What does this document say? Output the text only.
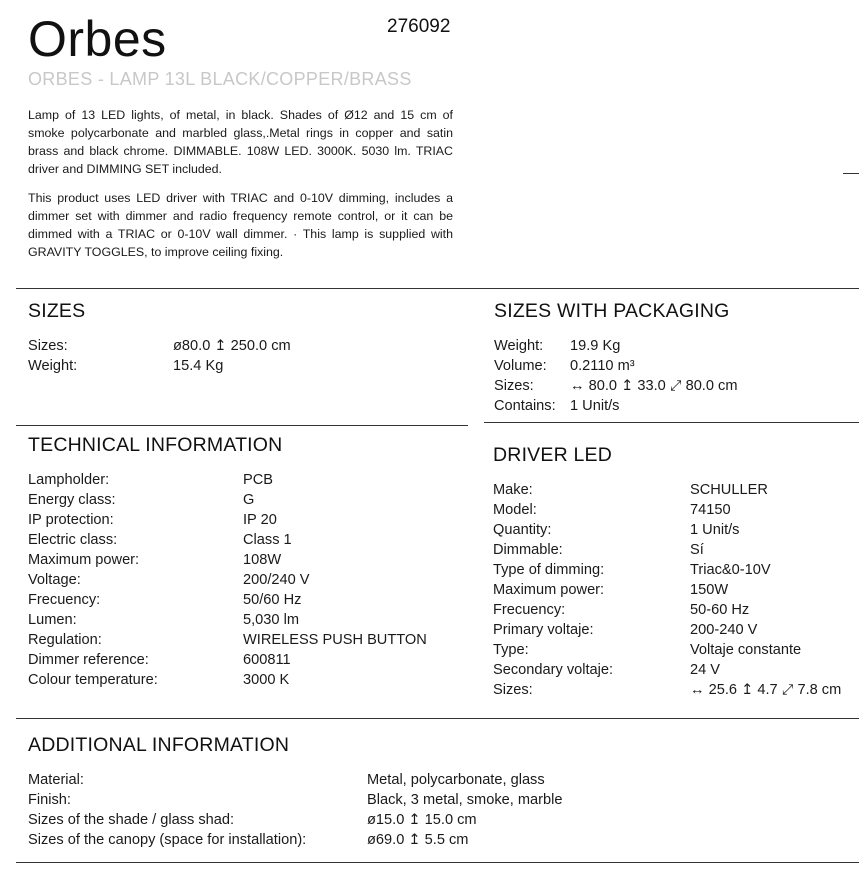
Orbes	276092
ORBES - LAMP 13L BLACK/COPPER/BRASS

Lamp of 13 LED lights, of metal, in black. Shades of Ø12 and 15 cm of smoke polycarbonate and marbled glass,.Metal rings in copper and satin brass and black chrome. DIMMABLE. 108W LED. 3000K. 5030 lm. TRIAC driver and DIMMING SET included.

This product uses LED driver with TRIAC and 0-10V dimming, includes a dimmer set with dimmer and radio frequency remote control, or it can be dimmed with a TRIAC or 0-10V wall dimmer. · This lamp is supplied with GRAVITY TOGGLES, to improve ceiling fixing.

SIZES
Sizes:	ø80.0 ↥ 250.0 cm
Weight:	15.4 Kg
SIZES WITH PACKAGING
Weight: 19.9 Kg
Volume: 0.2110 m³
Sizes: ↔ 80.0 ↥ 33.0 ⤢ 80.0 cm
Contains: 1 Unit/s
TECHNICAL INFORMATION
Lampholder:	PCB
Energy class:	G
IP protection:	IP 20
Electric class:	Class 1
Maximum power:	108W
Voltage:	200/240 V
Frecuency:	50/60 Hz
Lumen:	5,030 lm
Regulation:	WIRELESS PUSH BUTTON
Dimmer reference:	600811
Colour temperature:	3000 K
DRIVER LED
Make:	SCHULLER
Model:	74150
Quantity:	1 Unit/s
Dimmable:	Sí
Type of dimming:	Triac&0-10V
Maximum power:	150W
Frecuency:	50-60 Hz
Primary voltaje:	200-240 V
Type:	Voltaje constante
Secondary voltaje:	24 V
Sizes:	↔ 25.6 ↥ 4.7 ⤢ 7.8 cm
ADDITIONAL INFORMATION
Material:	Metal, polycarbonate, glass
Finish:	Black, 3 metal, smoke, marble
Sizes of the shade / glass shad:	ø15.0 ↥ 15.0 cm
Sizes of the canopy (space for installation):	ø69.0 ↥ 5.5 cm
